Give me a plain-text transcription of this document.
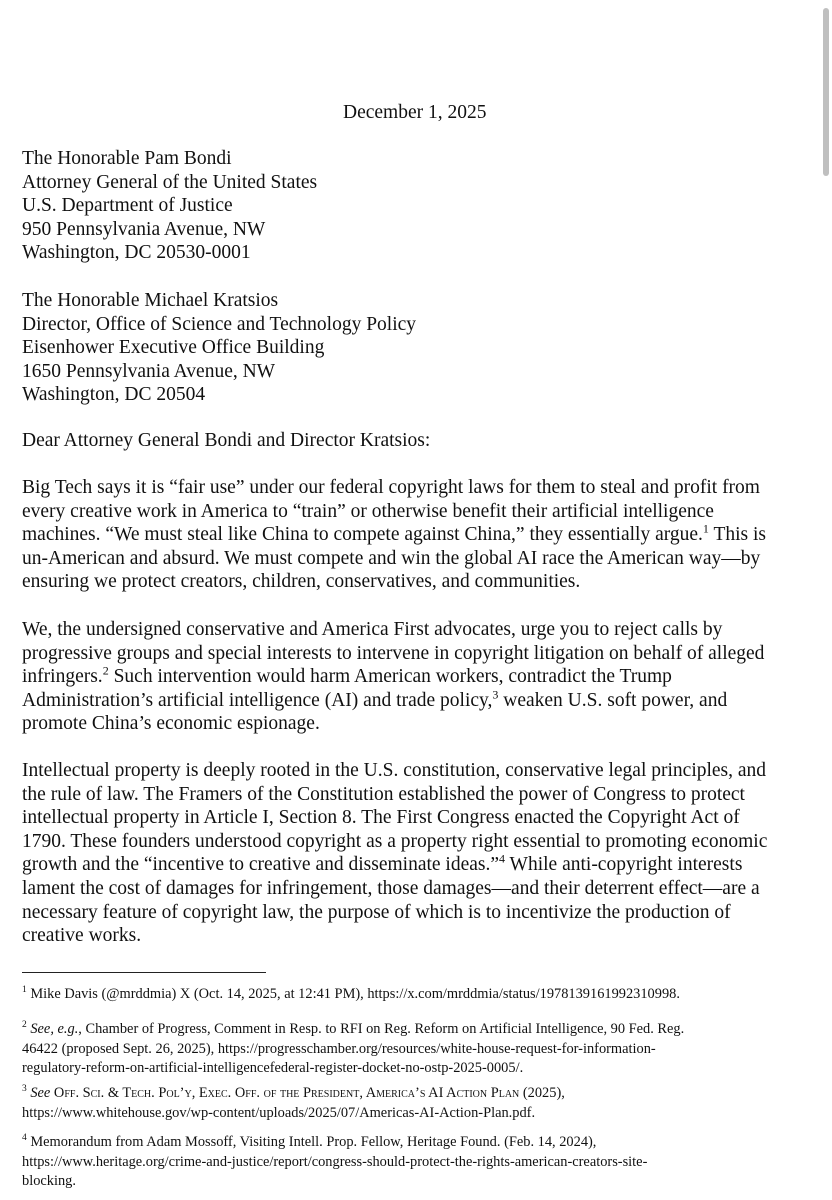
December 1, 2025
The Honorable Pam Bondi
Attorney General of the United States
U.S. Department of Justice
950 Pennsylvania Avenue, NW
Washington, DC 20530-0001
The Honorable Michael Kratsios
Director, Office of Science and Technology Policy
Eisenhower Executive Office Building
1650 Pennsylvania Avenue, NW
Washington, DC 20504
Dear Attorney General Bondi and Director Kratsios:
Big Tech says it is “fair use” under our federal copyright laws for them to steal and profit from
every creative work in America to “train” or otherwise benefit their artificial intelligence
machines. “We must steal like China to compete against China,” they essentially argue.$^1$ This is
un-American and absurd. We must compete and win the global AI race the American way—by
ensuring we protect creators, children, conservatives, and communities.
We, the undersigned conservative and America First advocates, urge you to reject calls by
progressive groups and special interests to intervene in copyright litigation on behalf of alleged
infringers.$^2$ Such intervention would harm American workers, contradict the Trump
Administration’s artificial intelligence (AI) and trade policy,$^3$ weaken U.S. soft power, and
promote China’s economic espionage.
Intellectual property is deeply rooted in the U.S. constitution, conservative legal principles, and
the rule of law. The Framers of the Constitution established the power of Congress to protect
intellectual property in Article I, Section 8. The First Congress enacted the Copyright Act of
1790. These founders understood copyright as a property right essential to promoting economic
growth and the “incentive to creative and disseminate ideas.”$^4$ While anti-copyright interests
lament the cost of damages for infringement, those damages—and their deterrent effect—are a
necessary feature of copyright law, the purpose of which is to incentivize the production of
creative works.
$^1$ Mike Davis (@mrddmia) X (Oct. 14, 2025, at 12:41 PM), https://x.com/mrddmia/status/1978139161992310998.
$^2$ See, e.g., Chamber of Progress, Comment in Resp. to RFI on Reg. Reform on Artificial Intelligence, 90 Fed. Reg.
46422 (proposed Sept. 26, 2025), https://progresschamber.org/resources/white-house-request-for-information-
regulatory-reform-on-artificial-intelligencefederal-register-docket-no-ostp-2025-0005/.
$^3$ See Off. Sci. & Tech. Pol’y, Exec. Off. of the President, America’s AI Action Plan (2025),
https://www.whitehouse.gov/wp-content/uploads/2025/07/Americas-AI-Action-Plan.pdf.
$^4$ Memorandum from Adam Mossoff, Visiting Intell. Prop. Fellow, Heritage Found. (Feb. 14, 2024),
https://www.heritage.org/crime-and-justice/report/congress-should-protect-the-rights-american-creators-site-
blocking.
